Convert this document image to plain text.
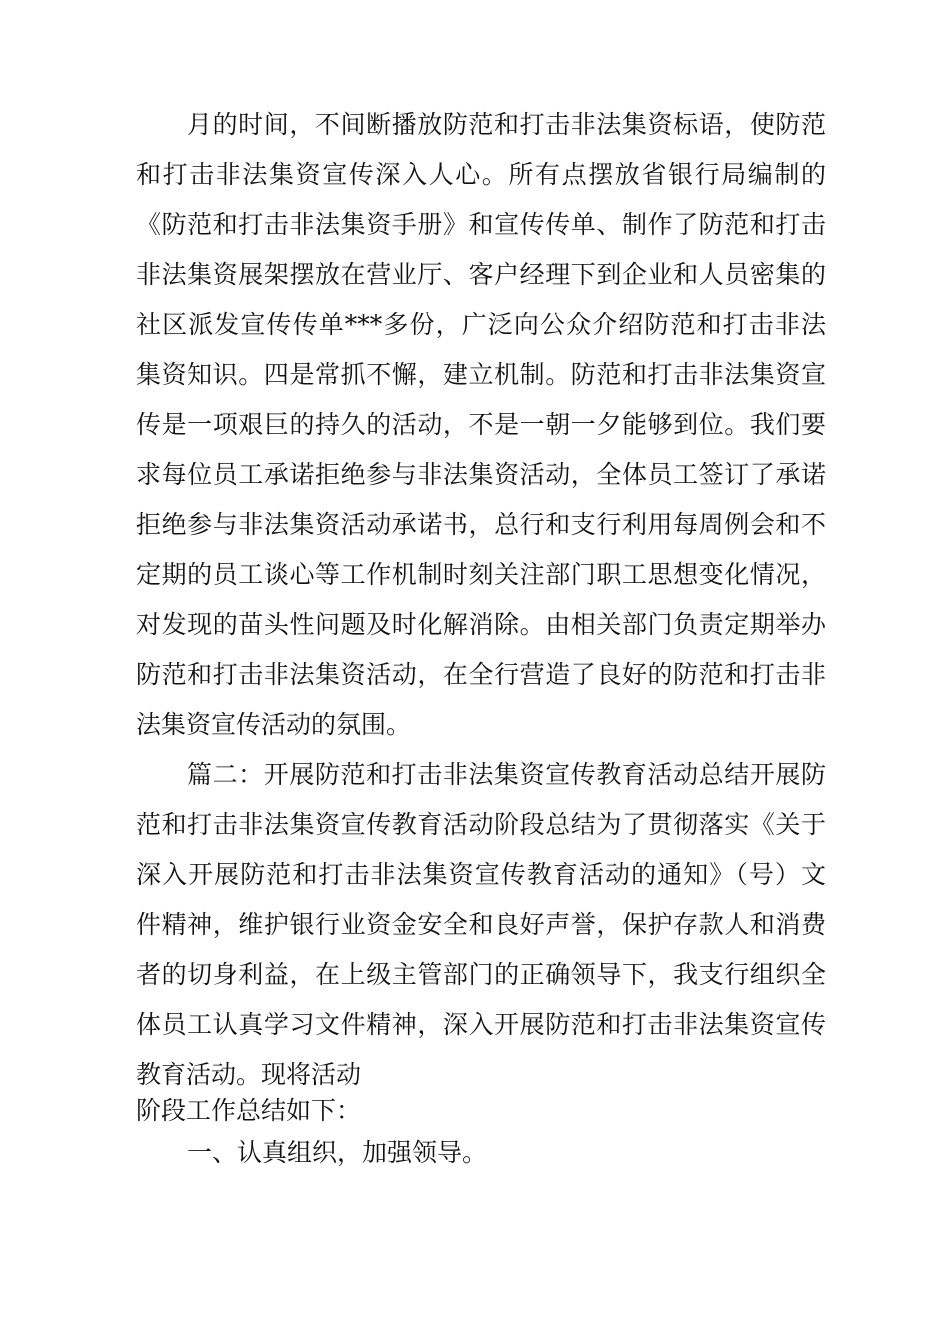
月的时间，不间断播放防范和打击非法集资标语，使防范
和打击非法集资宣传深入人心。所有点摆放省银行局编制的
《防范和打击非法集资手册》和宣传传单、制作了防范和打击
非法集资展架摆放在营业厅、客户经理下到企业和人员密集的
社区派发宣传传单***多份，广泛向公众介绍防范和打击非法
集资知识。四是常抓不懈，建立机制。防范和打击非法集资宣
传是一项艰巨的持久的活动，不是一朝一夕能够到位。我们要
求每位员工承诺拒绝参与非法集资活动，全体员工签订了承诺
拒绝参与非法集资活动承诺书，总行和支行利用每周例会和不
定期的员工谈心等工作机制时刻关注部门职工思想变化情况，
对发现的苗头性问题及时化解消除。由相关部门负责定期举办
防范和打击非法集资活动，在全行营造了良好的防范和打击非
法集资宣传活动的氛围。
篇二：开展防范和打击非法集资宣传教育活动总结开展防
范和打击非法集资宣传教育活动阶段总结为了贯彻落实《关于
深入开展防范和打击非法集资宣传教育活动的通知》（号）文
件精神，维护银行业资金安全和良好声誉，保护存款人和消费
者的切身利益，在上级主管部门的正确领导下，我支行组织全
体员工认真学习文件精神，深入开展防范和打击非法集资宣传
教育活动。现将活动
阶段工作总结如下：
一、认真组织，加强领导。
